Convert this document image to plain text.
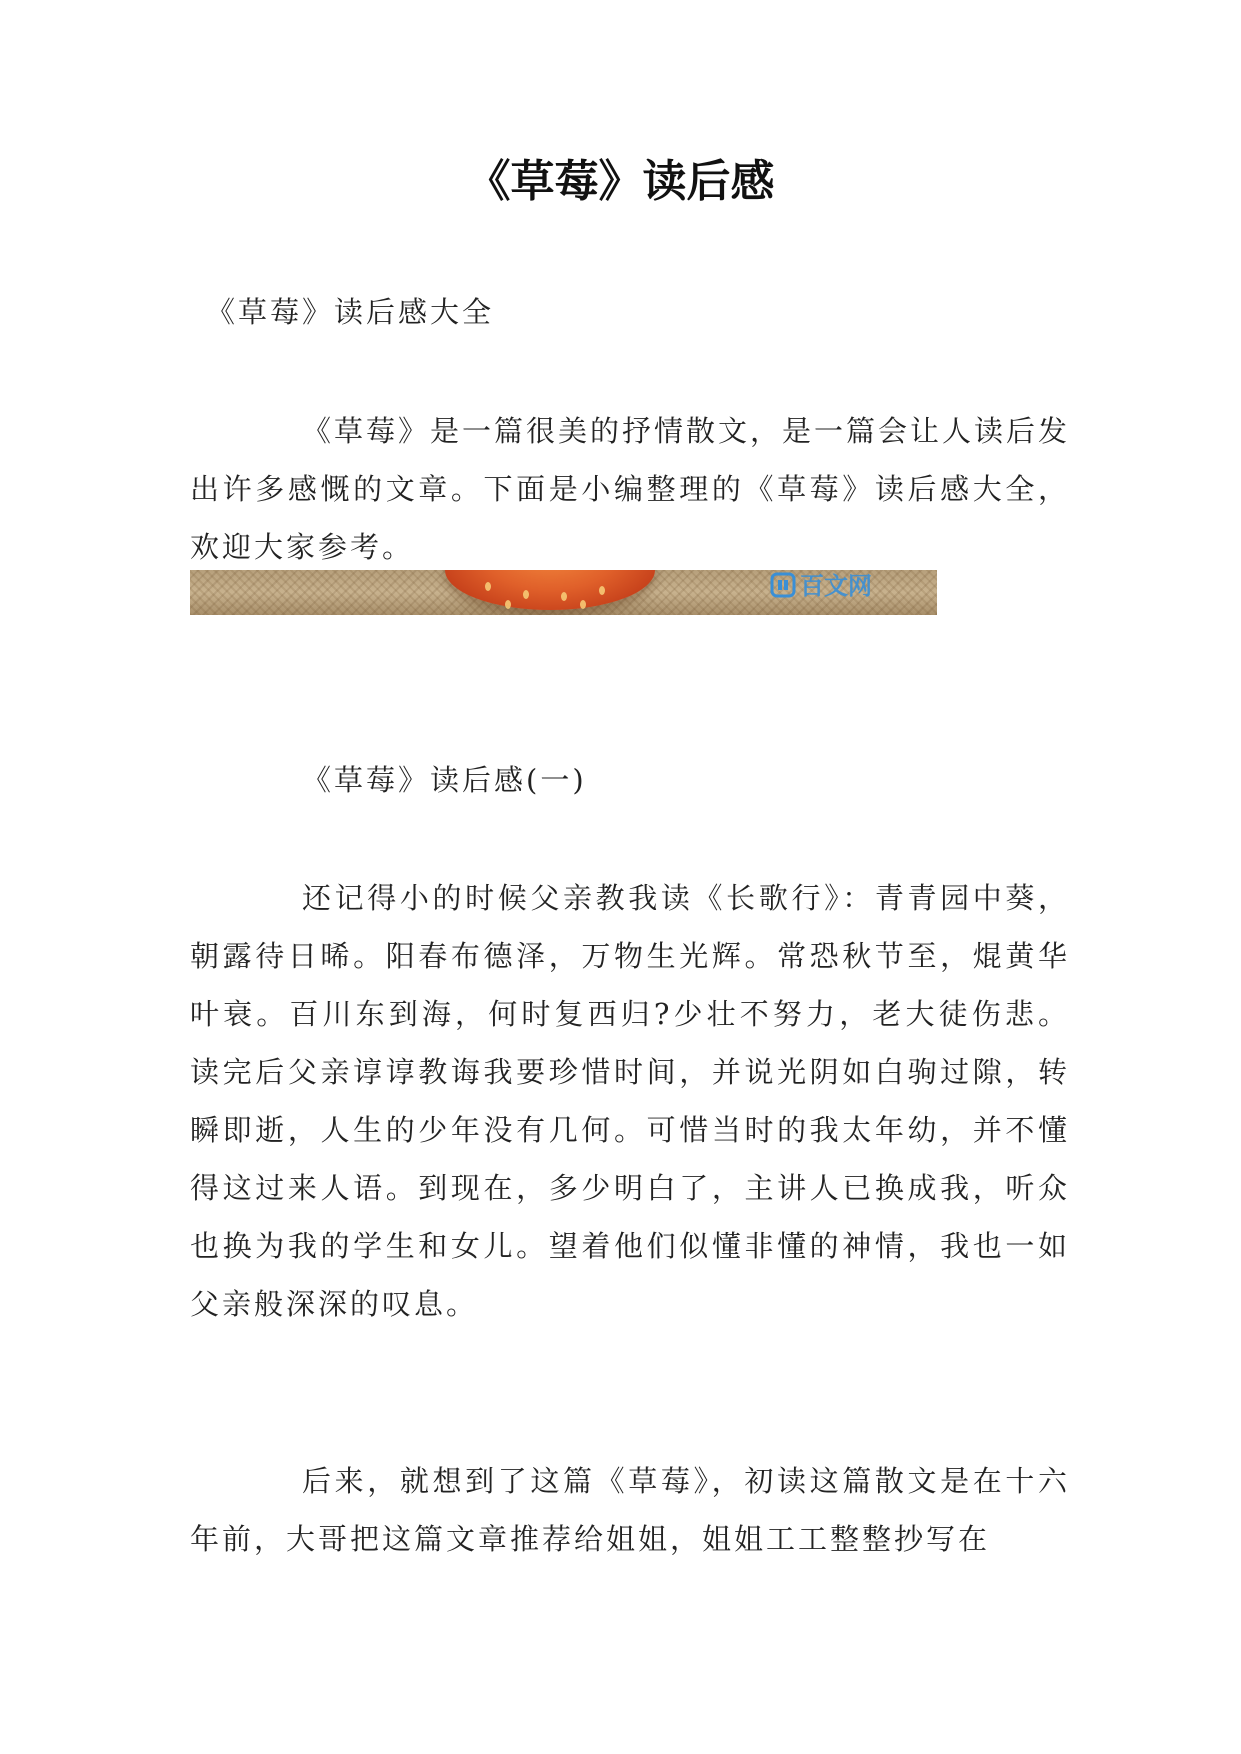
《草莓》读后感

《草莓》读后感大全

《草莓》是一篇很美的抒情散文，是一篇会让人读后发出许多感慨的文章。下面是小编整理的《草莓》读后感大全，欢迎大家参考。

百文网

《草莓》读后感(一)

还记得小的时候父亲教我读《长歌行》：青青园中葵，朝露待日晞。阳春布德泽，万物生光辉。常恐秋节至，焜黄华叶衰。百川东到海，何时复西归?少壮不努力，老大徒伤悲。读完后父亲谆谆教诲我要珍惜时间，并说光阴如白驹过隙，转瞬即逝，人生的少年没有几何。可惜当时的我太年幼，并不懂得这过来人语。到现在，多少明白了，主讲人已换成我，听众也换为我的学生和女儿。望着他们似懂非懂的神情，我也一如父亲般深深的叹息。

后来，就想到了这篇《草莓》，初读这篇散文是在十六年前，大哥把这篇文章推荐给姐姐，姐姐工工整整抄写在
